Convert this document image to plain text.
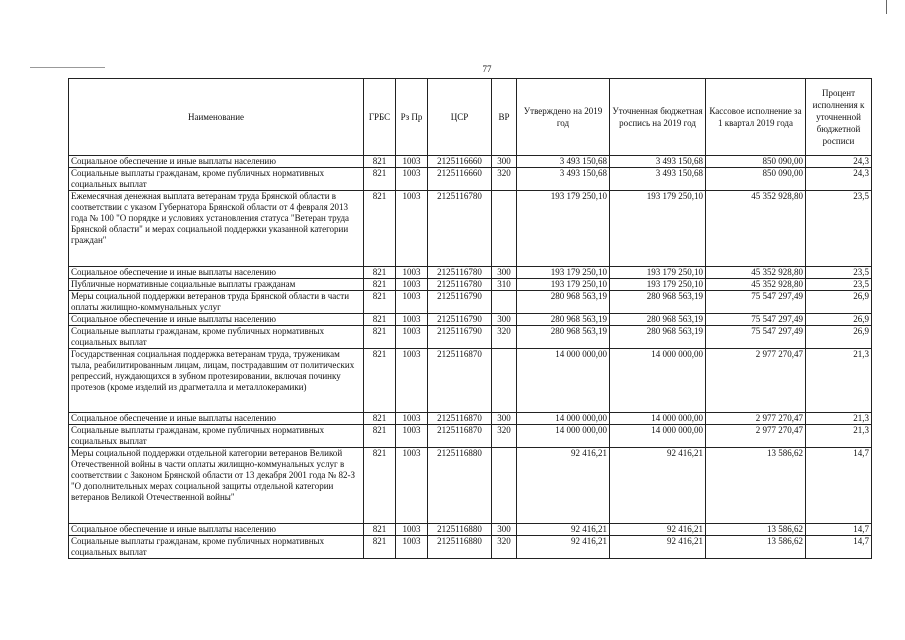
77
Наименование	ГРБС	Рз Пр	ЦСР	ВР	Утверждено на 2019 год	Уточненная бюджетная роспись на 2019 год	Кассовое исполнение за 1 квартал 2019 года	Процент исполнения к уточненной бюджетной росписи
Социальное обеспечение и иные выплаты населению	821	1003	2125116660	300	3 493 150,68	3 493 150,68	850 090,00	24,3
Социальные выплаты гражданам, кроме публичных нормативных социальных выплат	821	1003	2125116660	320	3 493 150,68	3 493 150,68	850 090,00	24,3
Ежемесячная денежная выплата ветеранам труда Брянской области в соответствии с указом Губернатора Брянской области от 4 февраля 2013 года № 100 "О порядке и условиях установления статуса "Ветеран труда Брянской области" и мерах социальной поддержки указанной категории граждан"	821	1003	2125116780		193 179 250,10	193 179 250,10	45 352 928,80	23,5
Социальное обеспечение и иные выплаты населению	821	1003	2125116780	300	193 179 250,10	193 179 250,10	45 352 928,80	23,5
Публичные нормативные социальные выплаты гражданам	821	1003	2125116780	310	193 179 250,10	193 179 250,10	45 352 928,80	23,5
Меры социальной поддержки ветеранов труда Брянской области в части оплаты жилищно-коммунальных услуг	821	1003	2125116790		280 968 563,19	280 968 563,19	75 547 297,49	26,9
Социальное обеспечение и иные выплаты населению	821	1003	2125116790	300	280 968 563,19	280 968 563,19	75 547 297,49	26,9
Социальные выплаты гражданам, кроме публичных нормативных социальных выплат	821	1003	2125116790	320	280 968 563,19	280 968 563,19	75 547 297,49	26,9
Государственная социальная поддержка ветеранам труда, труженикам тыла, реабилитированным лицам, лицам, пострадавшим от политических репрессий, нуждающихся в зубном протезировании, включая починку протезов (кроме изделий из драгметалла и металлокерамики)	821	1003	2125116870		14 000 000,00	14 000 000,00	2 977 270,47	21,3
Социальное обеспечение и иные выплаты населению	821	1003	2125116870	300	14 000 000,00	14 000 000,00	2 977 270,47	21,3
Социальные выплаты гражданам, кроме публичных нормативных социальных выплат	821	1003	2125116870	320	14 000 000,00	14 000 000,00	2 977 270,47	21,3
Меры социальной поддержки отдельной категории ветеранов Великой Отечественной войны в части оплаты жилищно-коммунальных услуг в соответствии с Законом Брянской области от 13 декабря 2001 года № 82-З "О дополнительных мерах социальной защиты отдельной категории ветеранов Великой Отечественной войны"	821	1003	2125116880		92 416,21	92 416,21	13 586,62	14,7
Социальное обеспечение и иные выплаты населению	821	1003	2125116880	300	92 416,21	92 416,21	13 586,62	14,7
Социальные выплаты гражданам, кроме публичных нормативных социальных выплат	821	1003	2125116880	320	92 416,21	92 416,21	13 586,62	14,7
